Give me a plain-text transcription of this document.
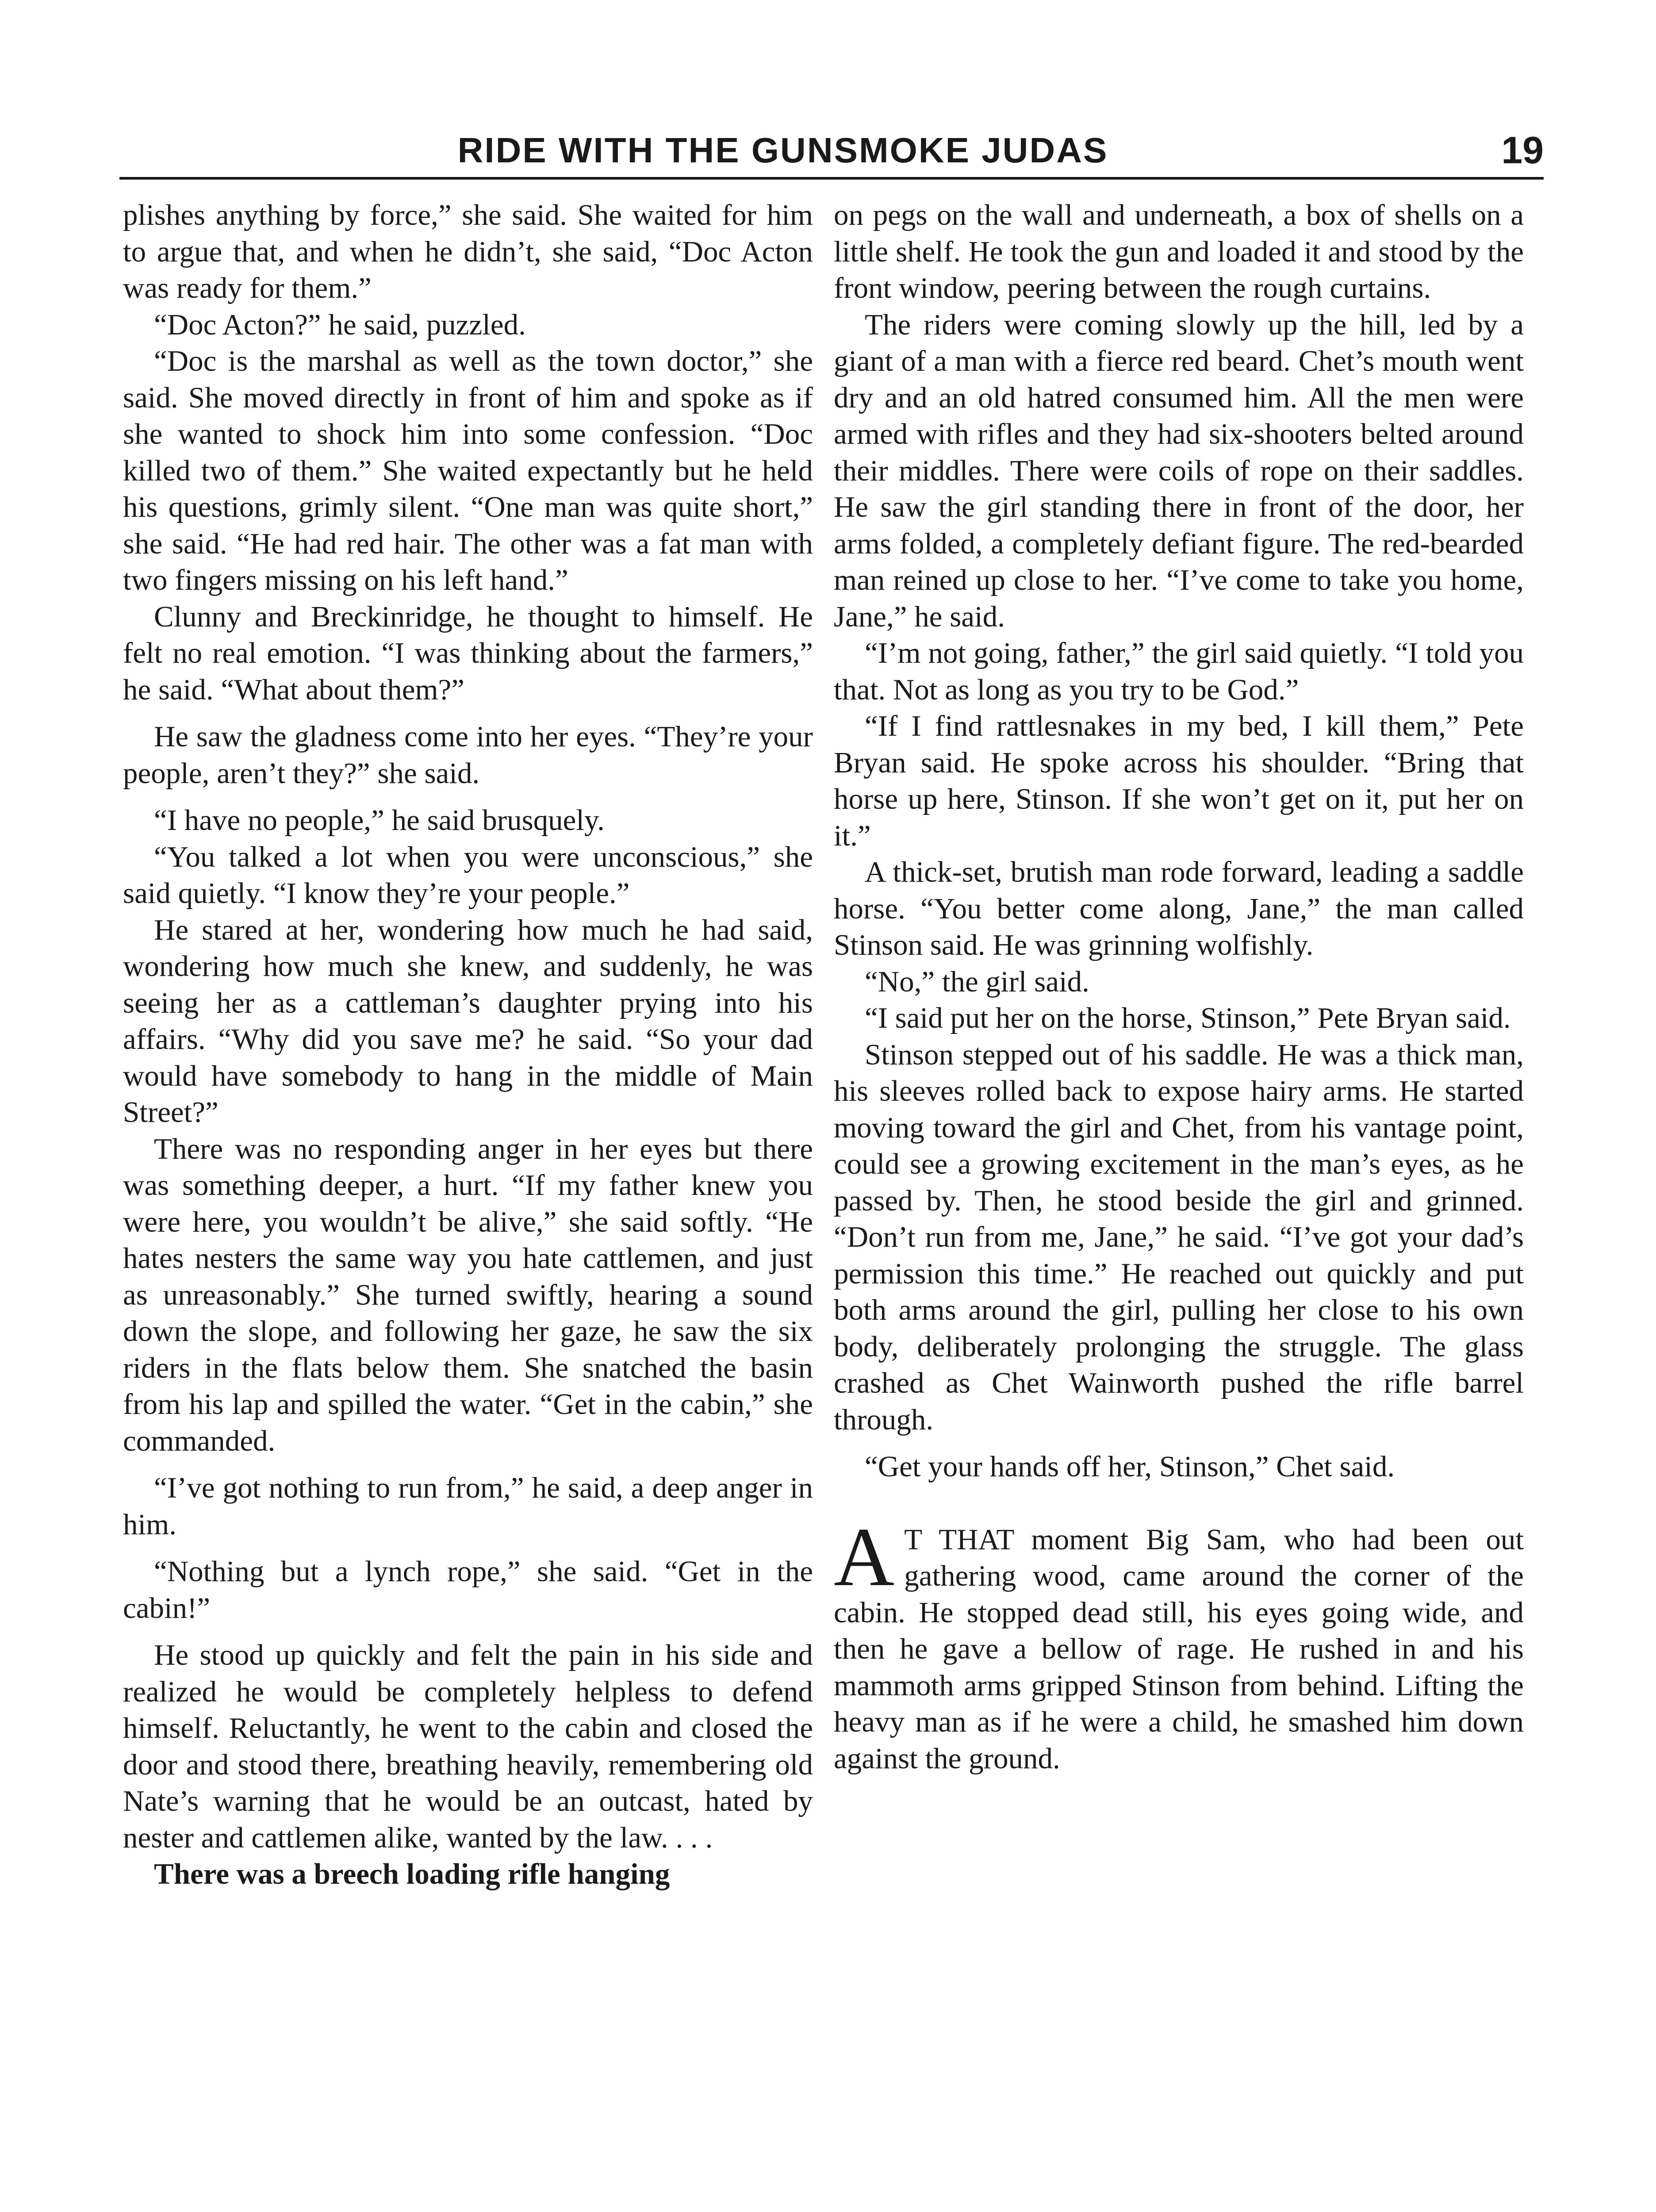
RIDE WITH THE GUNSMOKE JUDAS	19

plishes anything by force,” she said. She waited for him to argue that, and when he didn’t, she said, “Doc Acton was ready for them.”

“Doc Acton?” he said, puzzled.

“Doc is the marshal as well as the town doctor,” she said. She moved directly in front of him and spoke as if she wanted to shock him into some confession. “Doc killed two of them.” She waited expectantly but he held his questions, grimly silent. “One man was quite short,” she said. “He had red hair. The other was a fat man with two fingers missing on his left hand.”

Clunny and Breckinridge, he thought to himself. He felt no real emotion. “I was thinking about the farmers,” he said. “What about them?”

He saw the gladness come into her eyes. “They’re your people, aren’t they?” she said.

“I have no people,” he said brusquely.

“You talked a lot when you were unconscious,” she said quietly. “I know they’re your people.”

He stared at her, wondering how much he had said, wondering how much she knew, and suddenly, he was seeing her as a cattleman’s daughter prying into his affairs. “Why did you save me? he said. “So your dad would have somebody to hang in the middle of Main Street?”

There was no responding anger in her eyes but there was something deeper, a hurt. “If my father knew you were here, you wouldn’t be alive,” she said softly. “He hates nesters the same way you hate cattlemen, and just as unreasonably.” She turned swiftly, hearing a sound down the slope, and following her gaze, he saw the six riders in the flats below them. She snatched the basin from his lap and spilled the water. “Get in the cabin,” she commanded.

“I’ve got nothing to run from,” he said, a deep anger in him.

“Nothing but a lynch rope,” she said. “Get in the cabin!”

He stood up quickly and felt the pain in his side and realized he would be completely helpless to defend himself. Reluctantly, he went to the cabin and closed the door and stood there, breathing heavily, remembering old Nate’s warning that he would be an outcast, hated by nester and cattlemen alike, wanted by the law. . . .

There was a breech loading rifle hanging

on pegs on the wall and underneath, a box of shells on a little shelf. He took the gun and loaded it and stood by the front window, peering between the rough curtains.

The riders were coming slowly up the hill, led by a giant of a man with a fierce red beard. Chet’s mouth went dry and an old hatred consumed him. All the men were armed with rifles and they had six-shooters belted around their middles. There were coils of rope on their saddles. He saw the girl standing there in front of the door, her arms folded, a completely defiant figure. The red-bearded man reined up close to her. “I’ve come to take you home, Jane,” he said.

“I’m not going, father,” the girl said quietly. “I told you that. Not as long as you try to be God.”

“If I find rattlesnakes in my bed, I kill them,” Pete Bryan said. He spoke across his shoulder. “Bring that horse up here, Stinson. If she won’t get on it, put her on it.”

A thick-set, brutish man rode forward, leading a saddle horse. “You better come along, Jane,” the man called Stinson said. He was grinning wolfishly.

“No,” the girl said.

“I said put her on the horse, Stinson,” Pete Bryan said.

Stinson stepped out of his saddle. He was a thick man, his sleeves rolled back to expose hairy arms. He started moving toward the girl and Chet, from his vantage point, could see a growing excitement in the man’s eyes, as he passed by. Then, he stood beside the girl and grinned. “Don’t run from me, Jane,” he said. “I’ve got your dad’s permission this time.” He reached out quickly and put both arms around the girl, pulling her close to his own body, deliberately prolonging the struggle. The glass crashed as Chet Wainworth pushed the rifle barrel through.

“Get your hands off her, Stinson,” Chet said.

A T THAT moment Big Sam, who had been out gathering wood, came around the corner of the cabin. He stopped dead still, his eyes going wide, and then he gave a bellow of rage. He rushed in and his mammoth arms gripped Stinson from behind. Lifting the heavy man as if he were a child, he smashed him down against the ground.
